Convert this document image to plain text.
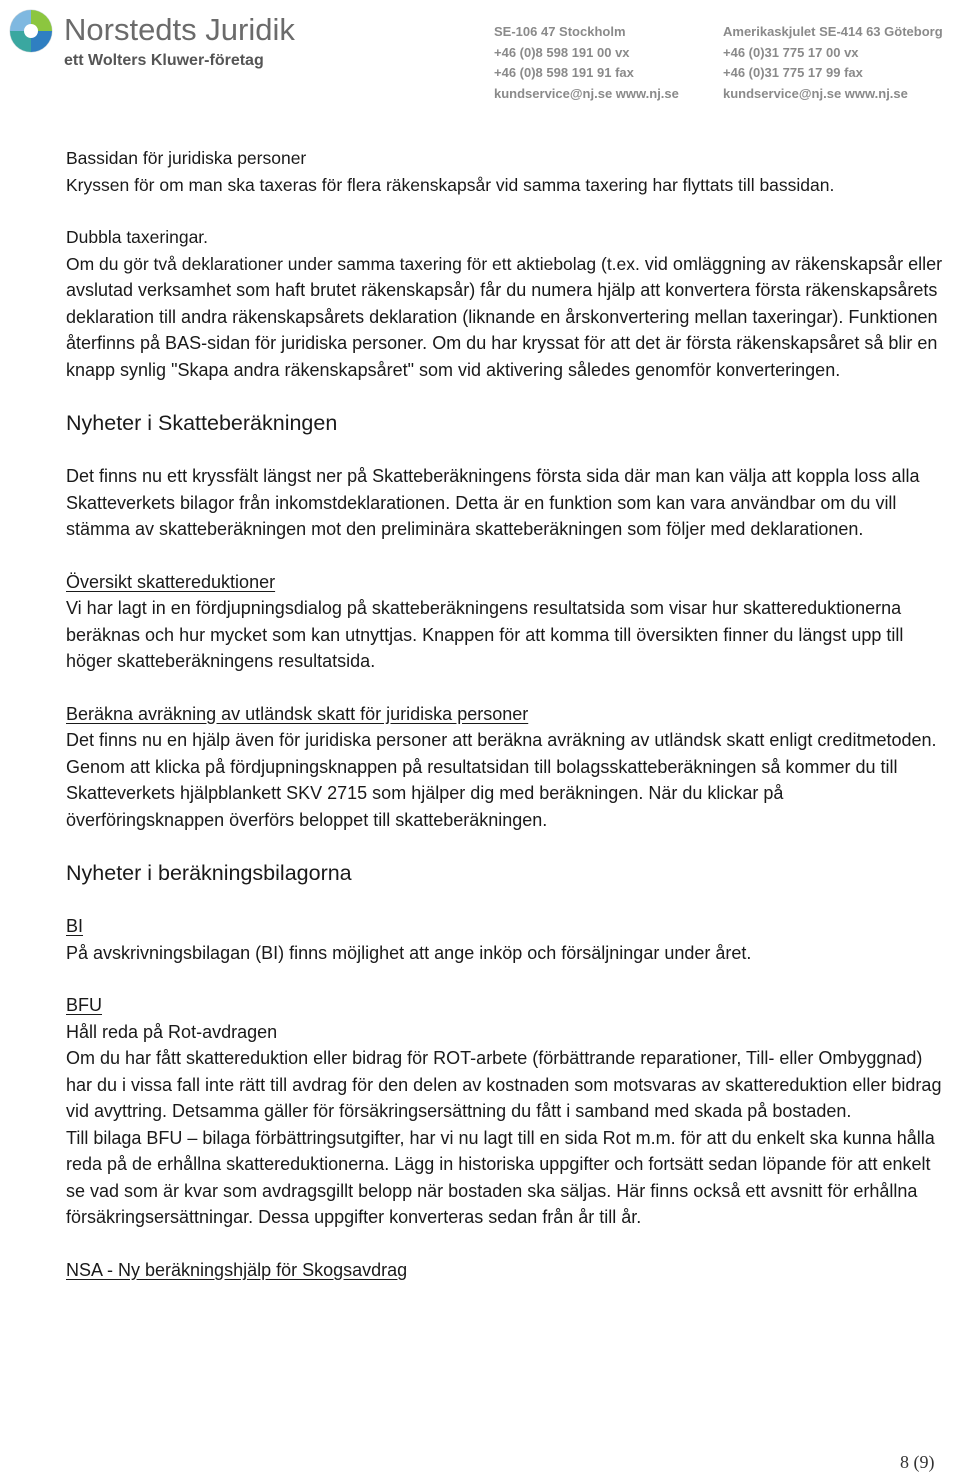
Norstedts Juridik
ett Wolters Kluwer-företag
SE-106 47 Stockholm
+46 (0)8 598 191 00 vx
+46 (0)8 598 191 91 fax
kundservice@nj.se www.nj.se
Amerikaskjulet SE-414 63 Göteborg
+46 (0)31 775 17 00 vx
+46 (0)31 775 17 99 fax
kundservice@nj.se www.nj.se

Bassidan för juridiska personer

Kryssen för om man ska taxeras för flera räkenskapsår vid samma taxering har flyttats till bassidan.

Dubbla taxeringar.

Om du gör två deklarationer under samma taxering för ett aktiebolag (t.ex. vid omläggning av räkenskapsår eller avslutad verksamhet som haft brutet räkenskapsår) får du numera hjälp att konvertera första räkenskapsårets deklaration till andra räkenskapsårets deklaration (liknande en årskonvertering mellan taxeringar). Funktionen återfinns på BAS-sidan för juridiska personer. Om du har kryssat för att det är första räkenskapsåret så blir en knapp synlig "Skapa andra räkenskapsåret" som vid aktivering således genomför konverteringen.

Nyheter i Skatteberäkningen

Det finns nu ett kryssfält längst ner på Skatteberäkningens första sida där man kan välja att koppla loss alla Skatteverkets bilagor från inkomstdeklarationen. Detta är en funktion som kan vara användbar om du vill stämma av skatteberäkningen mot den preliminära skatteberäkningen som följer med deklarationen.

Översikt skattereduktioner

Vi har lagt in en fördjupningsdialog på skatteberäkningens resultatsida som visar hur skattereduktionerna beräknas och hur mycket som kan utnyttjas. Knappen för att komma till översikten finner du längst upp till höger skatteberäkningens resultatsida.

Beräkna avräkning av utländsk skatt för juridiska personer

Det finns nu en hjälp även för juridiska personer att beräkna avräkning av utländsk skatt enligt creditmetoden. Genom att klicka på fördjupningsknappen på resultatsidan till bolagsskatteberäkningen så kommer du till Skatteverkets hjälpblankett SKV 2715 som hjälper dig med beräkningen. När du klickar på överföringsknappen överförs beloppet till skatteberäkningen.

Nyheter i beräkningsbilagorna

BI

På avskrivningsbilagan (BI) finns möjlighet att ange inköp och försäljningar under året.

BFU

Håll reda på Rot-avdragen

Om du har fått skattereduktion eller bidrag för ROT-arbete (förbättrande reparationer, Till- eller Ombyggnad) har du i vissa fall inte rätt till avdrag för den delen av kostnaden som motsvaras av skattereduktion eller bidrag vid avyttring. Detsamma gäller för försäkringsersättning du fått i samband med skada på bostaden.

Till bilaga BFU – bilaga förbättringsutgifter, har vi nu lagt till en sida Rot m.m. för att du enkelt ska kunna hålla reda på de erhållna skattereduktionerna. Lägg in historiska uppgifter och fortsätt sedan löpande för att enkelt se vad som är kvar som avdragsgillt belopp när bostaden ska säljas. Här finns också ett avsnitt för erhållna försäkringsersättningar. Dessa uppgifter konverteras sedan från år till år.

NSA - Ny beräkningshjälp för Skogsavdrag

8 (9)
